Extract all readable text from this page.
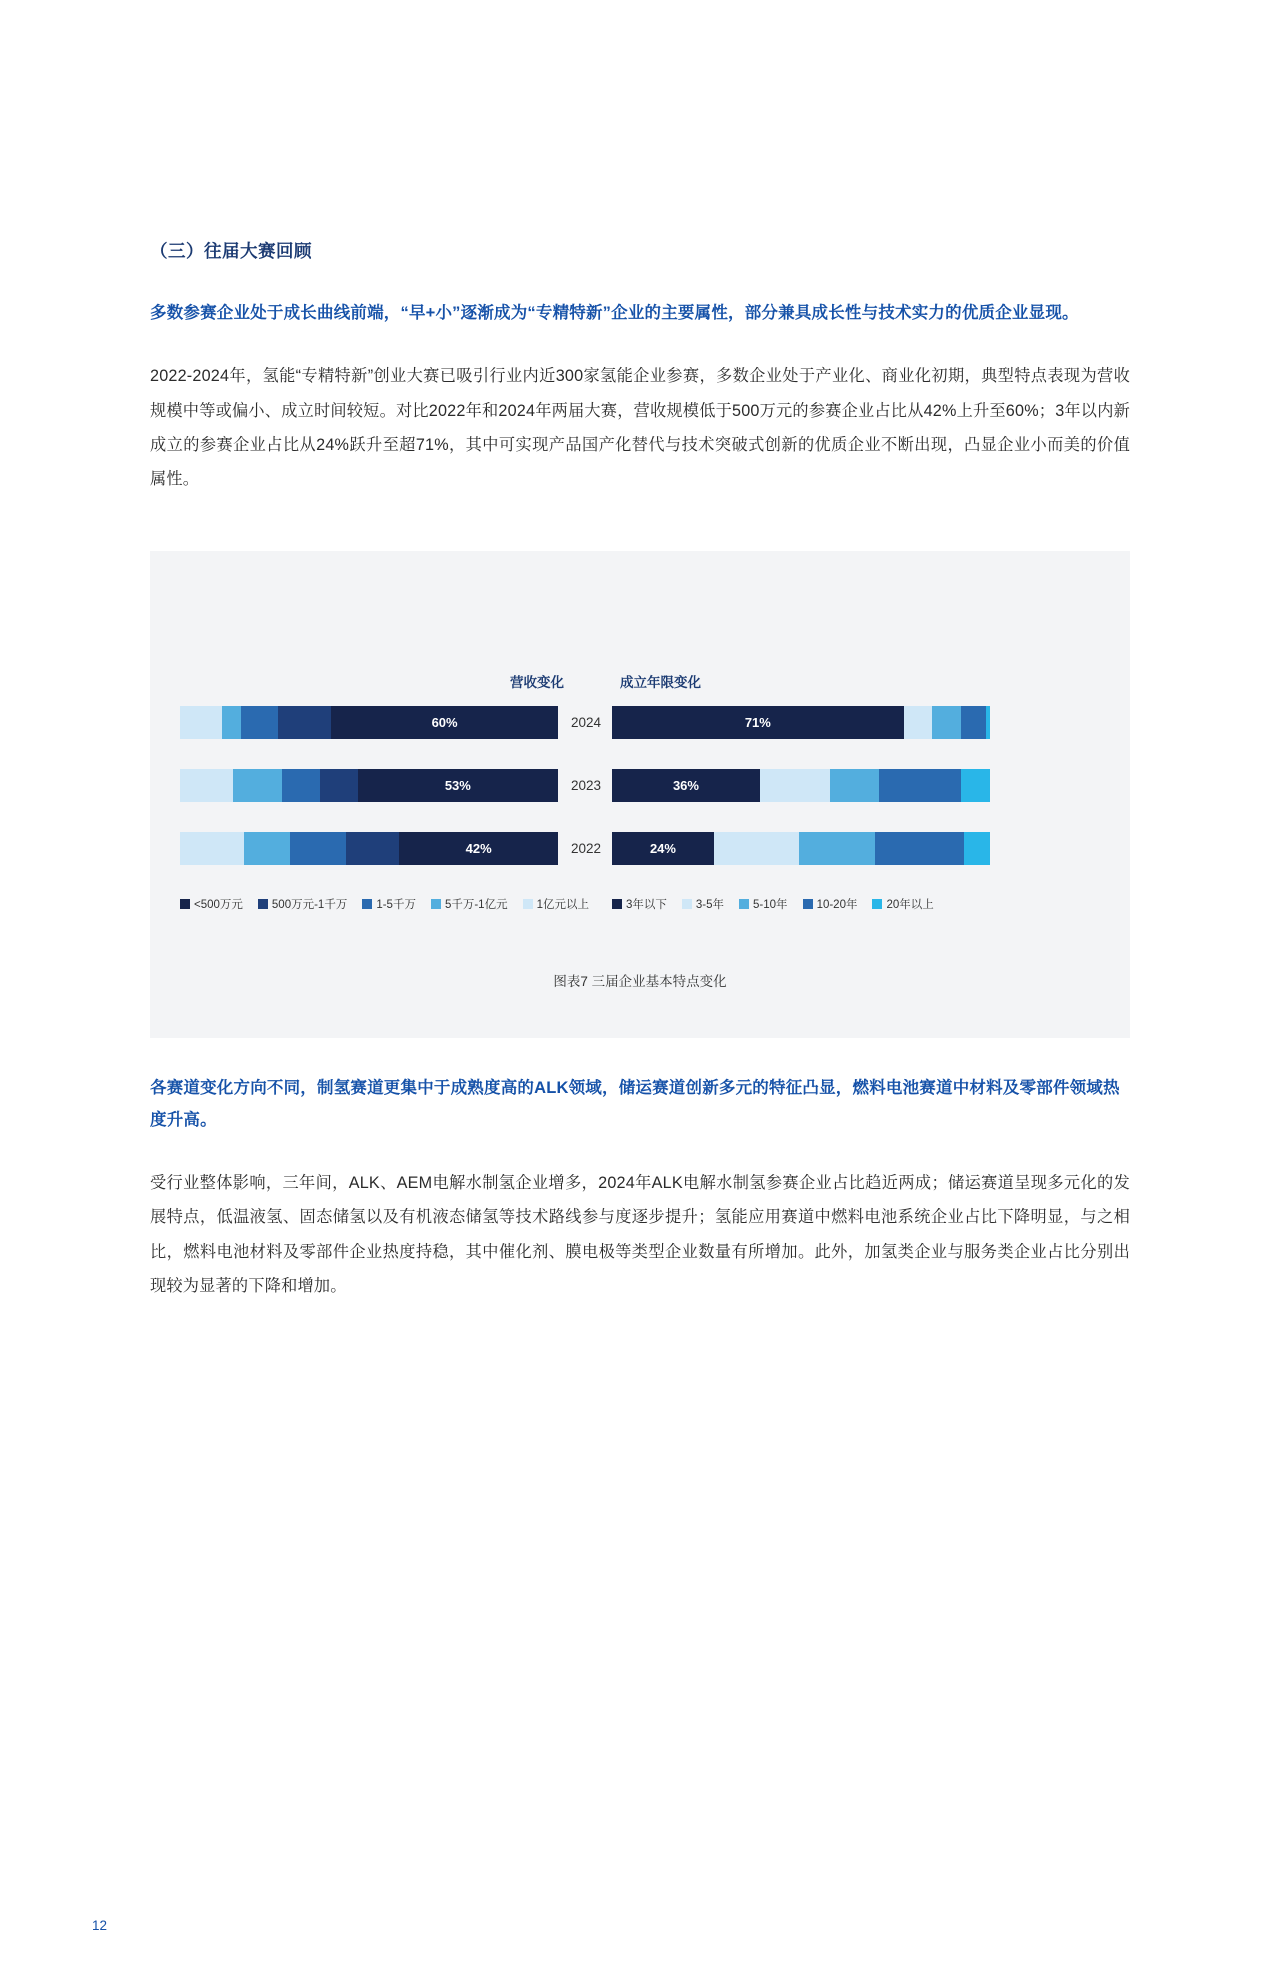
（三）往届大赛回顾
多数参赛企业处于成长曲线前端，“早+小”逐渐成为“专精特新”企业的主要属性，部分兼具成长性与技术实力的优质企业显现。
2022-2024年，氢能“专精特新”创业大赛已吸引行业内近300家氢能企业参赛，多数企业处于产业化、商业化初期，典型特点表现为营收规模中等或偏小、成立时间较短。对比2022年和2024年两届大赛，营收规模低于500万元的参赛企业占比从42%上升至60%；3年以内新成立的参赛企业占比从24%跃升至超71%，其中可实现产品国产化替代与技术突破式创新的优质企业不断出现，凸显企业小而美的价值属性。
营收变化	成立年限变化
60%	2024	71%
53%	2023	36%
42%	2022	24%
<500万元	500万元-1千万	1-5千万	5千万-1亿元	1亿元以上	3年以下	3-5年	5-10年	10-20年	20年以上
图表7 三届企业基本特点变化
各赛道变化方向不同，制氢赛道更集中于成熟度高的ALK领域，储运赛道创新多元的特征凸显，燃料电池赛道中材料及零部件领域热度升高。
受行业整体影响，三年间，ALK、AEM电解水制氢企业增多，2024年ALK电解水制氢参赛企业占比趋近两成；储运赛道呈现多元化的发展特点，低温液氢、固态储氢以及有机液态储氢等技术路线参与度逐步提升；氢能应用赛道中燃料电池系统企业占比下降明显，与之相比，燃料电池材料及零部件企业热度持稳，其中催化剂、膜电极等类型企业数量有所增加。此外，加氢类企业与服务类企业占比分别出现较为显著的下降和增加。
12
